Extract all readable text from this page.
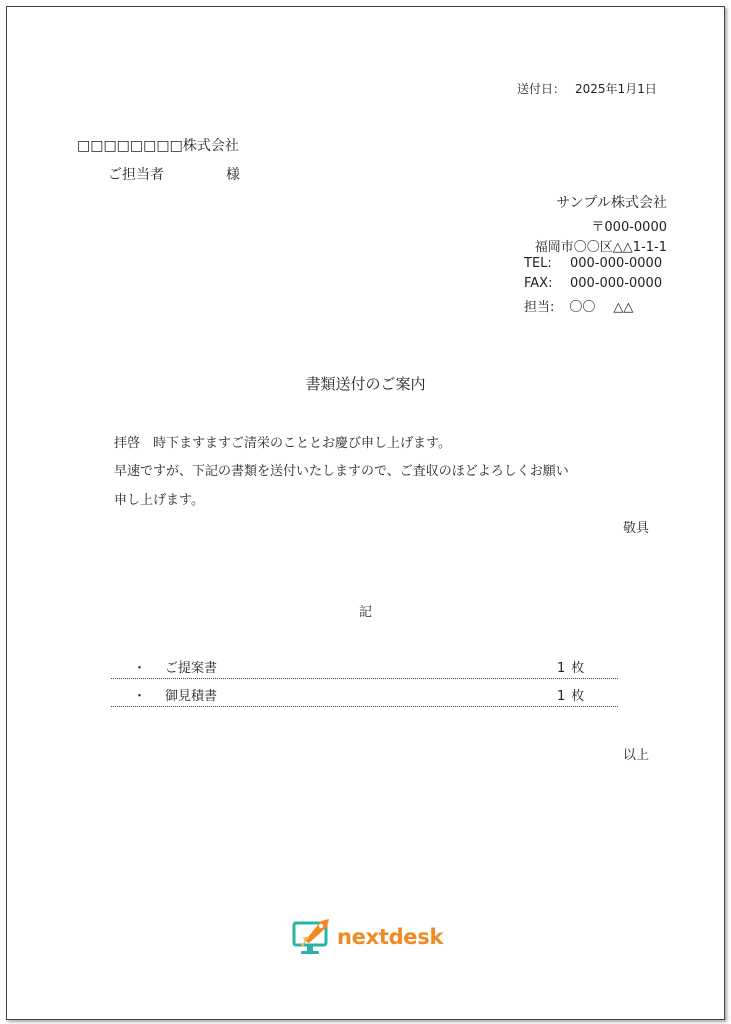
送付日： 2025年1月1日
□□□□□□□□株式会社
ご担当者	様
サンプル株式会社
〒000-0000
福岡市〇〇区△△1-1-1
TEL: 000-000-0000
FAX: 000-000-0000
担当: 〇〇 △△
書類送付のご案内
拝啓　時下ますますご清栄のこととお慶び申し上げます。
早速ですが、下記の書類を送付いたしますので、ご査収のほどよろしくお願い
申し上げます。
敬具
記
・ ご提案書	1 枚
・ 御見積書	1 枚
以上
nextdesk
